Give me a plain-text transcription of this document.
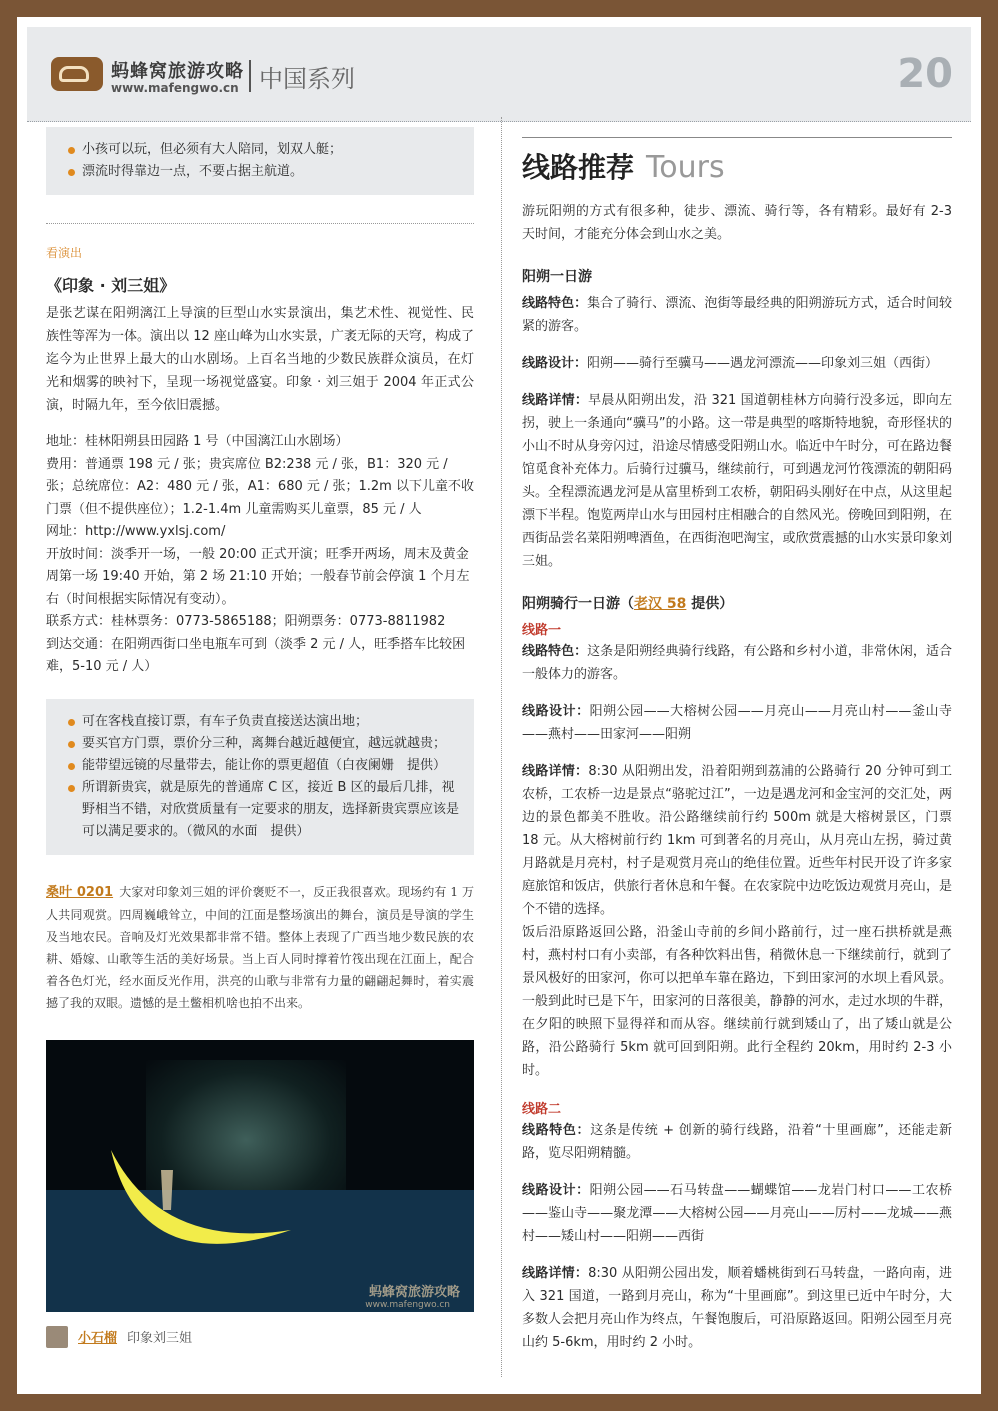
蚂蜂窝旅游攻略
www.mafengwo.cn 中国系列	20
小孩可以玩，但必须有大人陪同，划双人艇；
漂流时得靠边一点，不要占据主航道。
看演出
《印象 · 刘三姐》
是张艺谋在阳朔漓江上导演的巨型山水实景演出，集艺术性、视觉性、民族性等浑为一体。演出以 12 座山峰为山水实景，广袤无际的天穹，构成了迄今为止世界上最大的山水剧场。上百名当地的少数民族群众演员，在灯光和烟雾的映衬下，呈现一场视觉盛宴。印象 · 刘三姐于 2004 年正式公演，时隔九年，至今依旧震撼。
地址：桂林阳朔县田园路 1 号（中国漓江山水剧场）
费用：普通票 198 元 / 张；贵宾席位 B2:238 元 / 张，B1：320 元 / 张；总统席位：A2：480 元 / 张，A1：680 元 / 张；1.2m 以下儿童不收门票（但不提供座位）；1.2-1.4m 儿童需购买儿童票，85 元 / 人
网址：http://www.yxlsj.com/
开放时间：淡季开一场，一般 20:00 正式开演；旺季开两场，周末及黄金周第一场 19:40 开始，第 2 场 21:10 开始；一般春节前会停演 1 个月左右（时间根据实际情况有变动）。
联系方式：桂林票务：0773-5865188；阳朔票务：0773-8811982
到达交通：在阳朔西街口坐电瓶车可到（淡季 2 元 / 人，旺季搭车比较困难，5-10 元 / 人）
可在客栈直接订票，有车子负责直接送达演出地；
要买官方门票，票价分三种，离舞台越近越便宜，越远就越贵；
能带望远镜的尽量带去，能让你的票更超值（白夜阑姗　提供）
所谓新贵宾，就是原先的普通席 C 区，接近 B 区的最后几排，视野相当不错，对欣赏质量有一定要求的朋友，选择新贵宾票应该是可以满足要求的。（微风的水面　提供）
桑叶 0201 大家对印象刘三姐的评价褒贬不一，反正我很喜欢。现场约有 1 万人共同观赏。四周巍峨耸立，中间的江面是整场演出的舞台，演员是导演的学生及当地农民。音响及灯光效果都非常不错。整体上表现了广西当地少数民族的农耕、婚嫁、山歌等生活的美好场景。当上百人同时撑着竹筏出现在江面上，配合着各色灯光，经水面反光作用，洪亮的山歌与非常有力量的翩翩起舞时，着实震撼了我的双眼。遗憾的是土鳖相机啥也拍不出来。
蚂蜂窝旅游攻略
www.mafengwo.cn
小石榴 印象刘三姐
线路推荐 Tours
游玩阳朔的方式有很多种，徒步、漂流、骑行等，各有精彩。最好有 2-3 天时间，才能充分体会到山水之美。
阳朔一日游
线路特色：集合了骑行、漂流、泡街等最经典的阳朔游玩方式，适合时间较紧的游客。
线路设计：阳朔——骑行至骥马——遇龙河漂流——印象刘三姐（西街）
线路详情：早晨从阳朔出发，沿 321 国道朝桂林方向骑行没多远，即向左拐，驶上一条通向“骥马”的小路。这一带是典型的喀斯特地貌，奇形怪状的小山不时从身旁闪过，沿途尽情感受阳朔山水。临近中午时分，可在路边餐馆觅食补充体力。后骑行过骥马，继续前行，可到遇龙河竹筏漂流的朝阳码头。全程漂流遇龙河是从富里桥到工农桥，朝阳码头刚好在中点，从这里起漂下半程。饱览两岸山水与田园村庄相融合的自然风光。傍晚回到阳朔，在西街品尝名菜阳朔啤酒鱼，在西街泡吧淘宝，或欣赏震撼的山水实景印象刘三姐。
阳朔骑行一日游（老汉 58 提供）
线路一
线路特色：这条是阳朔经典骑行线路，有公路和乡村小道，非常休闲，适合一般体力的游客。
线路设计：阳朔公园——大榕树公园——月亮山——月亮山村——釜山寺——燕村——田家河——阳朔
线路详情：8:30 从阳朔出发，沿着阳朔到荔浦的公路骑行 20 分钟可到工农桥，工农桥一边是景点“骆驼过江”，一边是遇龙河和金宝河的交汇处，两边的景色都美不胜收。沿公路继续前行约 500m 就是大榕树景区，门票 18 元。从大榕树前行约 1km 可到著名的月亮山，从月亮山左拐，骑过黄月路就是月亮村，村子是观赏月亮山的绝佳位置。近些年村民开设了许多家庭旅馆和饭店，供旅行者休息和午餐。在农家院中边吃饭边观赏月亮山，是个不错的选择。
饭后沿原路返回公路，沿釜山寺前的乡间小路前行，过一座石拱桥就是燕村，燕村村口有小卖部，有各种饮料出售，稍微休息一下继续前行，就到了景风极好的田家河，你可以把单车靠在路边，下到田家河的水坝上看风景。一般到此时已是下午，田家河的日落很美，静静的河水，走过水坝的牛群，在夕阳的映照下显得祥和而从容。继续前行就到矮山了，出了矮山就是公路，沿公路骑行 5km 就可回到阳朔。此行全程约 20km，用时约 2-3 小时。
线路二
线路特色：这条是传统 + 创新的骑行线路，沿着“十里画廊”，还能走新路，览尽阳朔精髓。
线路设计：阳朔公园——石马转盘——蝴蝶馆——龙岩门村口——工农桥——鉴山寺——聚龙潭——大榕树公园——月亮山——厉村——龙城——燕村——矮山村——阳朔——西街
线路详情：8:30 从阳朔公园出发，顺着蟠桃街到石马转盘，一路向南，进入 321 国道，一路到月亮山，称为“十里画廊”。到这里已近中午时分，大多数人会把月亮山作为终点，午餐饱腹后，可沿原路返回。阳朔公园至月亮山约 5-6km，用时约 2 小时。
